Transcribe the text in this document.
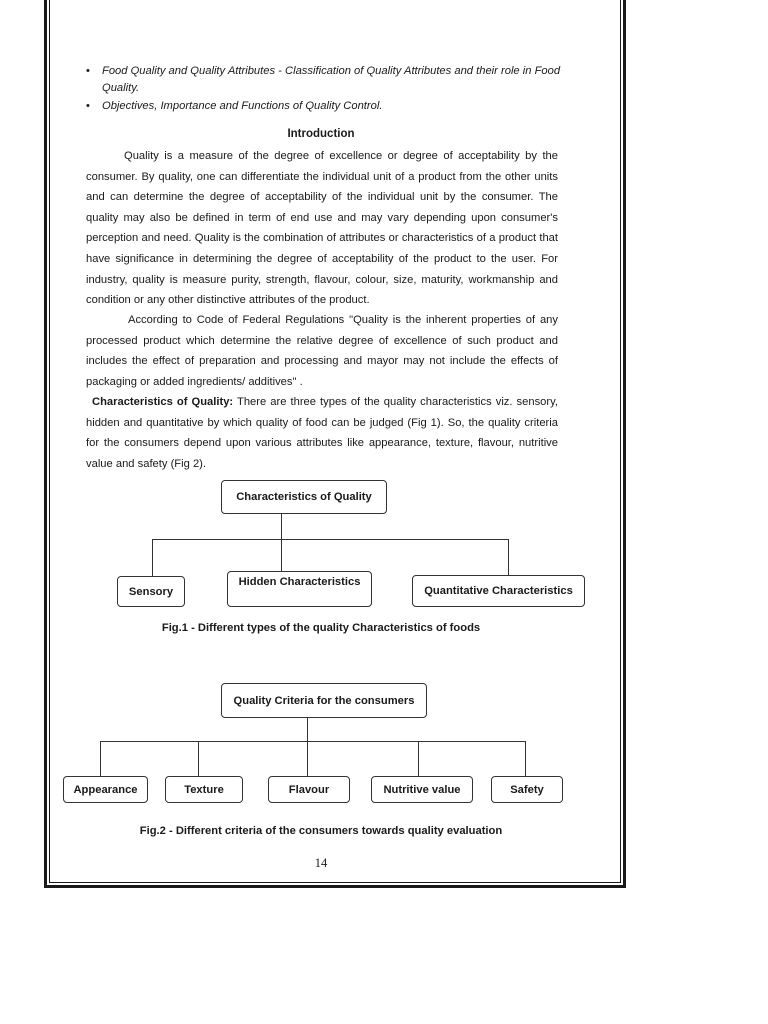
• Food Quality and Quality Attributes - Classification of Quality Attributes and their role in Food Quality.
• Objectives, Importance and Functions of Quality Control.
Introduction

Quality is a measure of the degree of excellence or degree of acceptability by the consumer. By quality, one can differentiate the individual unit of a product from the other units and can determine the degree of acceptability of the individual unit by the consumer. The quality may also be defined in term of end use and may vary depending upon consumer's perception and need. Quality is the combination of attributes or characteristics of a product that have significance in determining the degree of acceptability of the product to the user. For industry, quality is measure purity, strength, flavour, colour, size, maturity, workmanship and condition or any other distinctive attributes of the product.

According to Code of Federal Regulations "Quality is the inherent properties of any processed product which determine the relative degree of excellence of such product and includes the effect of preparation and processing and mayor may not include the effects of packaging or added ingredients/ additives" .

Characteristics of Quality: There are three types of the quality characteristics viz. sensory, hidden and quantitative by which quality of food can be judged (Fig 1). So, the quality criteria for the consumers depend upon various attributes like appearance, texture, flavour, nutritive value and safety (Fig 2).

Characteristics of Quality
Sensory
Hidden Characteristics
Quantitative Characteristics
Fig.1 - Different types of the quality Characteristics of foods
Quality Criteria for the consumers
Appearance	Texture	Flavour	Nutritive value	Safety
Fig.2 - Different criteria of the consumers towards quality evaluation
14
